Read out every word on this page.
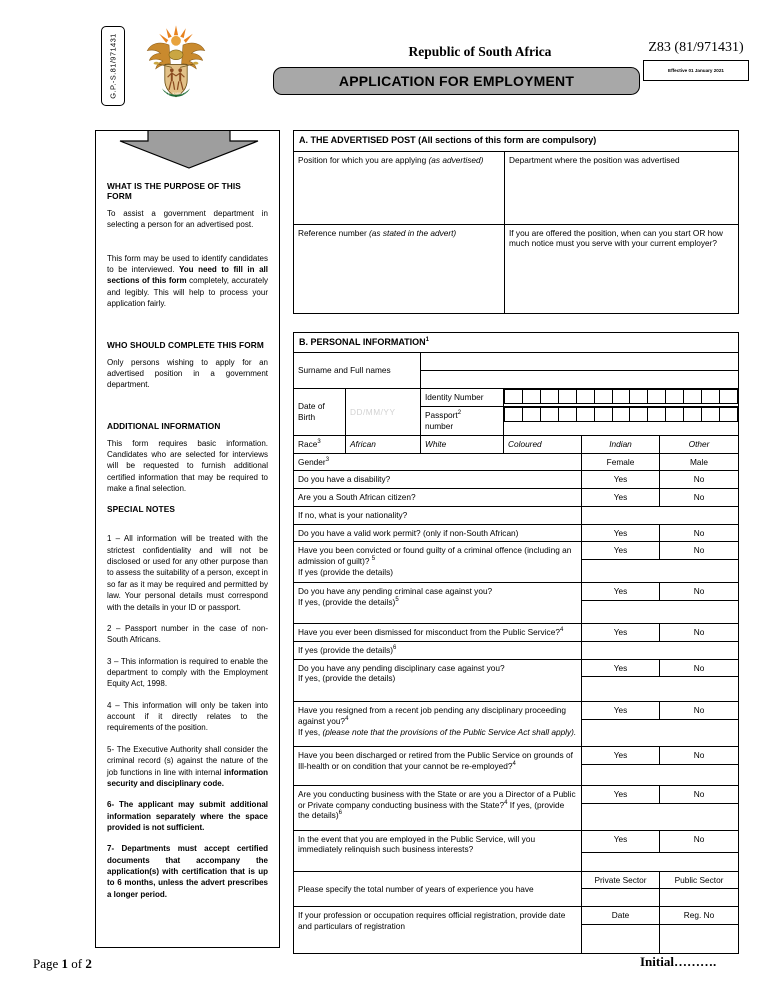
G.P.-S.81/971431	!KE E: /XARRA //KE
Republic of South Africa
APPLICATION FOR EMPLOYMENT
Z83 (81/971431)
Effective 01 January 2021
WHAT IS THE PURPOSE OF THIS FORM
To assist a government department in selecting a person for an advertised post.
This form may be used to identify candidates to be interviewed. You need to fill in all sections of this form completely, accurately and legibly. This will help to process your application fairly.
WHO SHOULD COMPLETE THIS FORM
Only persons wishing to apply for an advertised position in a government department.
ADDITIONAL INFORMATION
This form requires basic information. Candidates who are selected for interviews will be requested to furnish additional certified information that may be required to make a final selection.
SPECIAL NOTES
1 – All information will be treated with the strictest confidentiality and will not be disclosed or used for any other purpose than to assess the suitability of a person, except in so far as it may be required and permitted by law. Your personal details must correspond with the details in your ID or passport.
2 – Passport number in the case of non-South Africans.
3 – This information is required to enable the department to comply with the Employment Equity Act, 1998.
4 – This information will only be taken into account if it directly relates to the requirements of the position.
5- The Executive Authority shall consider the criminal record (s) against the nature of the job functions in line with internal information security and disciplinary code.
6- The applicant may submit additional information separately where the space provided is not sufficient.
7- Departments must accept certified documents that accompany the application(s) with certification that is up to 6 months, unless the advert prescribes a longer period.
A. THE ADVERTISED POST (All sections of this form are compulsory)	
Position for which you are applying (as advertised)	Department where the position was advertised
Reference number (as stated in the advert)	If you are offered the position, when can you start OR how much notice must you serve with your current employer?
B. PERSONAL INFORMATION$^1$
Surname and Full names	

Date of Birth	DD/MM/YY	Identity Number	

Passport$^2$
number	

Race$^3$	African	White	Coloured	Indian	Other
Gender$^3$	Female	Male
Do you have a disability?	Yes	No
Are you a South African citizen?	Yes	No
If no, what is your nationality?	
Do you have a valid work permit? (only if non-South African)	Yes	No
Have you been convicted or found guilty of a criminal offence (including an admission of guilt)? $^5$
If yes (provide the details)	Yes	No

Do you have any pending criminal case against you?
If yes, (provide the details)$^5$	Yes	No

Have you ever been dismissed for misconduct from the Public Service?$^4$	Yes	No
If yes (provide the details)$^6$	
Do you have any pending disciplinary case against you?
If yes, (provide the details)	Yes	No

Have you resigned from a recent job pending any disciplinary proceeding against you?$^4$
If yes, (please note that the provisions of the Public Service Act shall apply).	Yes	No

Have you been discharged or retired from the Public Service on grounds of Ill-health or on condition that your cannot be re-employed?$^4$	Yes	No

Are you conducting business with the State or are you a Director of a Public or Private company conducting business with the State?$^4$ If yes, (provide the details)$^6$	Yes	No

In the event that you are employed in the Public Service, will you immediately relinquish such business interests?	Yes	No

Please specify the total number of years of experience you have	Private Sector	Public Sector

If your profession or occupation requires official registration, provide date and particulars of registration	Date	Reg. No

Page 1 of 2	Initial……….
